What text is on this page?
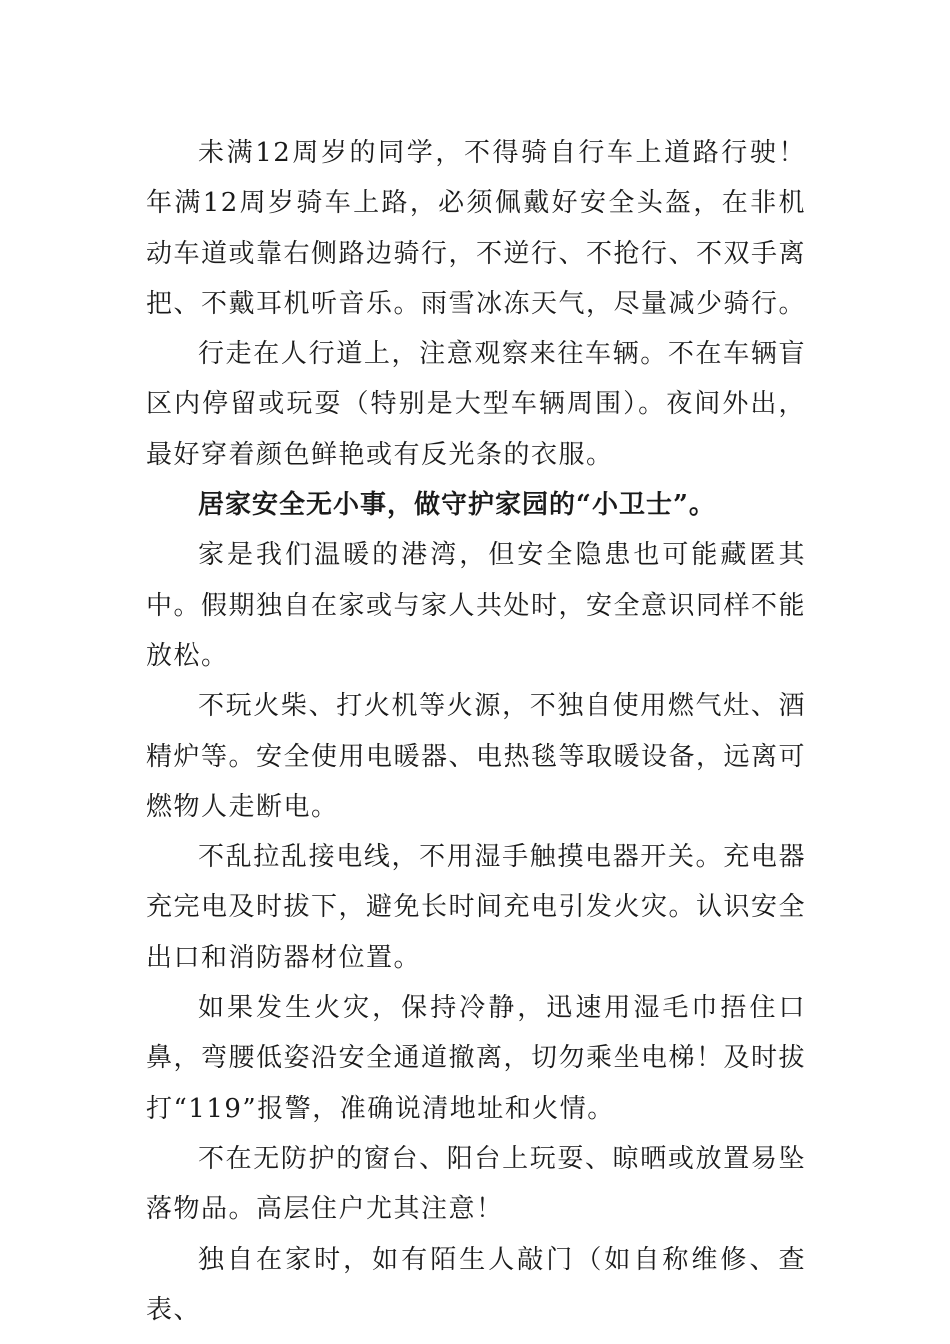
未满12周岁的同学，不得骑自行车上道路行驶！年满12周岁骑车上路，必须佩戴好安全头盔，在非机动车道或靠右侧路边骑行，不逆行、不抢行、不双手离把、不戴耳机听音乐。雨雪冰冻天气，尽量减少骑行。

行走在人行道上，注意观察来往车辆。不在车辆盲区内停留或玩耍（特别是大型车辆周围）。夜间外出，最好穿着颜色鲜艳或有反光条的衣服。

居家安全无小事，做守护家园的“小卫士”。

家是我们温暖的港湾，但安全隐患也可能藏匿其中。假期独自在家或与家人共处时，安全意识同样不能放松。

不玩火柴、打火机等火源，不独自使用燃气灶、酒精炉等。安全使用电暖器、电热毯等取暖设备，远离可燃物人走断电。

不乱拉乱接电线，不用湿手触摸电器开关。充电器充完电及时拔下，避免长时间充电引发火灾。认识安全出口和消防器材位置。

如果发生火灾，保持冷静，迅速用湿毛巾捂住口鼻，弯腰低姿沿安全通道撤离，切勿乘坐电梯！及时拔打“119”报警，准确说清地址和火情。

不在无防护的窗台、阳台上玩耍、晾晒或放置易坠落物品。高层住户尤其注意！

独自在家时，如有陌生人敲门（如自称维修、查表、
